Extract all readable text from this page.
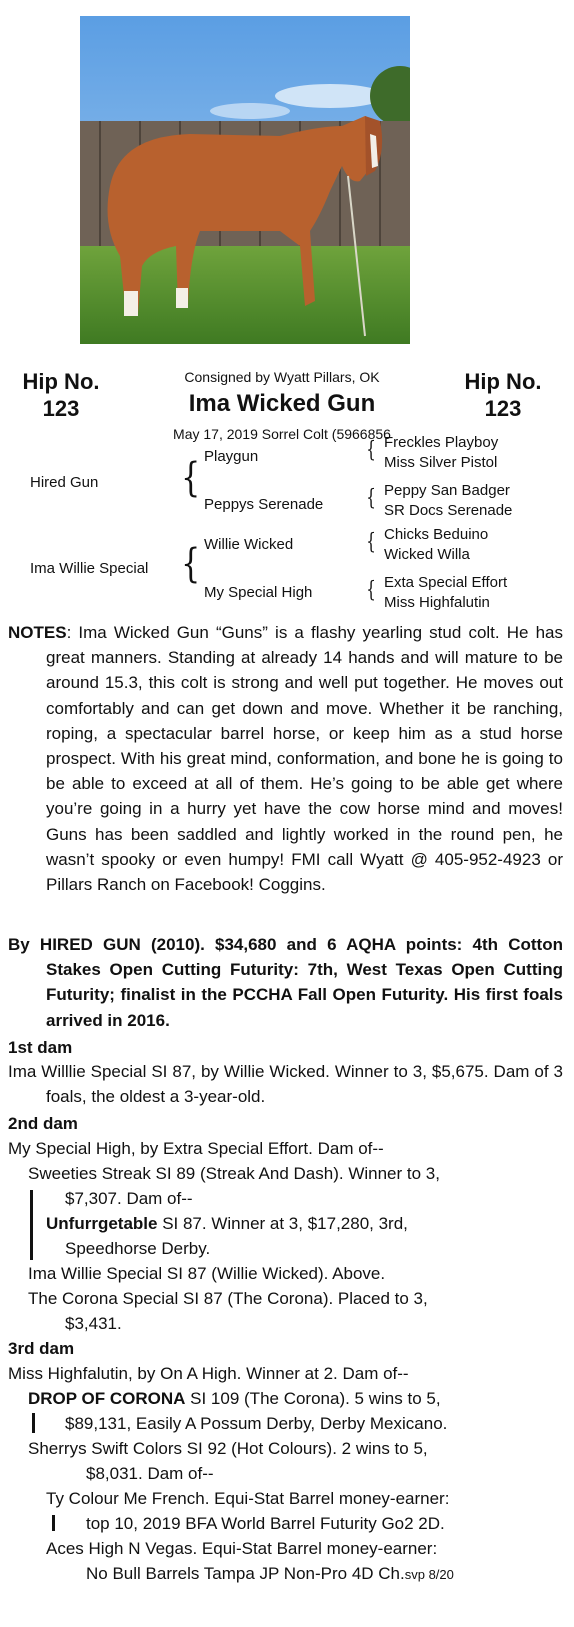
Hip No.
123
Hip No.
123
Consigned by Wyatt Pillars, OK
Ima Wicked Gun
May 17, 2019 Sorrel Colt (5966856
Hired Gun { Playgun
Peppys Serenade
Ima Willie Special { Willie Wicked
My Special High
{ Freckles Playboy
Miss Silver Pistol
{ Peppy San Badger
SR Docs Serenade
{ Chicks Beduino
Wicked Willa
{ Exta Special Effort
Miss Highfalutin

NOTES: Ima Wicked Gun “Guns” is a flashy yearling stud colt. He has great manners. Standing at already 14 hands and will mature to be around 15.3, this colt is strong and well put together. He moves out comfortably and can get down and move. Whether it be ranching, roping, a spectacular barrel horse, or keep him as a stud horse prospect. With his great mind, conformation, and bone he is going to be able to exceed at all of them. He’s going to be able get where you’re going in a hurry yet have the cow horse mind and moves! Guns has been saddled and lightly worked in the round pen, he wasn’t spooky or even humpy! FMI call Wyatt @ 405-952-4923 or Pillars Ranch on Facebook! Coggins.

By HIRED GUN (2010). $34,680 and 6 AQHA points: 4th Cotton Stakes Open Cutting Futurity: 7th, West Texas Open Cutting Futurity; finalist in the PCCHA Fall Open Futurity. His first foals arrived in 2016.

1st dam

Ima Willlie Special SI 87, by Willie Wicked. Winner to 3, $5,675. Dam of 3 foals, the oldest a 3-year-old.

2nd dam
My Special High, by Extra Special Effort. Dam of--
Sweeties Streak SI 89 (Streak And Dash). Winner to 3,
$7,307. Dam of--
Unfurrgetable SI 87. Winner at 3, $17,280, 3rd,
Speedhorse Derby.
Ima Willie Special SI 87 (Willie Wicked). Above.
The Corona Special SI 87 (The Corona). Placed to 3,
$3,431.
3rd dam
Miss Highfalutin, by On A High. Winner at 2. Dam of--
DROP OF CORONA SI 109 (The Corona). 5 wins to 5,
$89,131, Easily A Possum Derby, Derby Mexicano.
Sherrys Swift Colors SI 92 (Hot Colours). 2 wins to 5,
$8,031. Dam of--
Ty Colour Me French. Equi-Stat Barrel money-earner:
top 10, 2019 BFA World Barrel Futurity Go2 2D.
Aces High N Vegas. Equi-Stat Barrel money-earner:
No Bull Barrels Tampa JP Non-Pro 4D Ch.svp 8/20
